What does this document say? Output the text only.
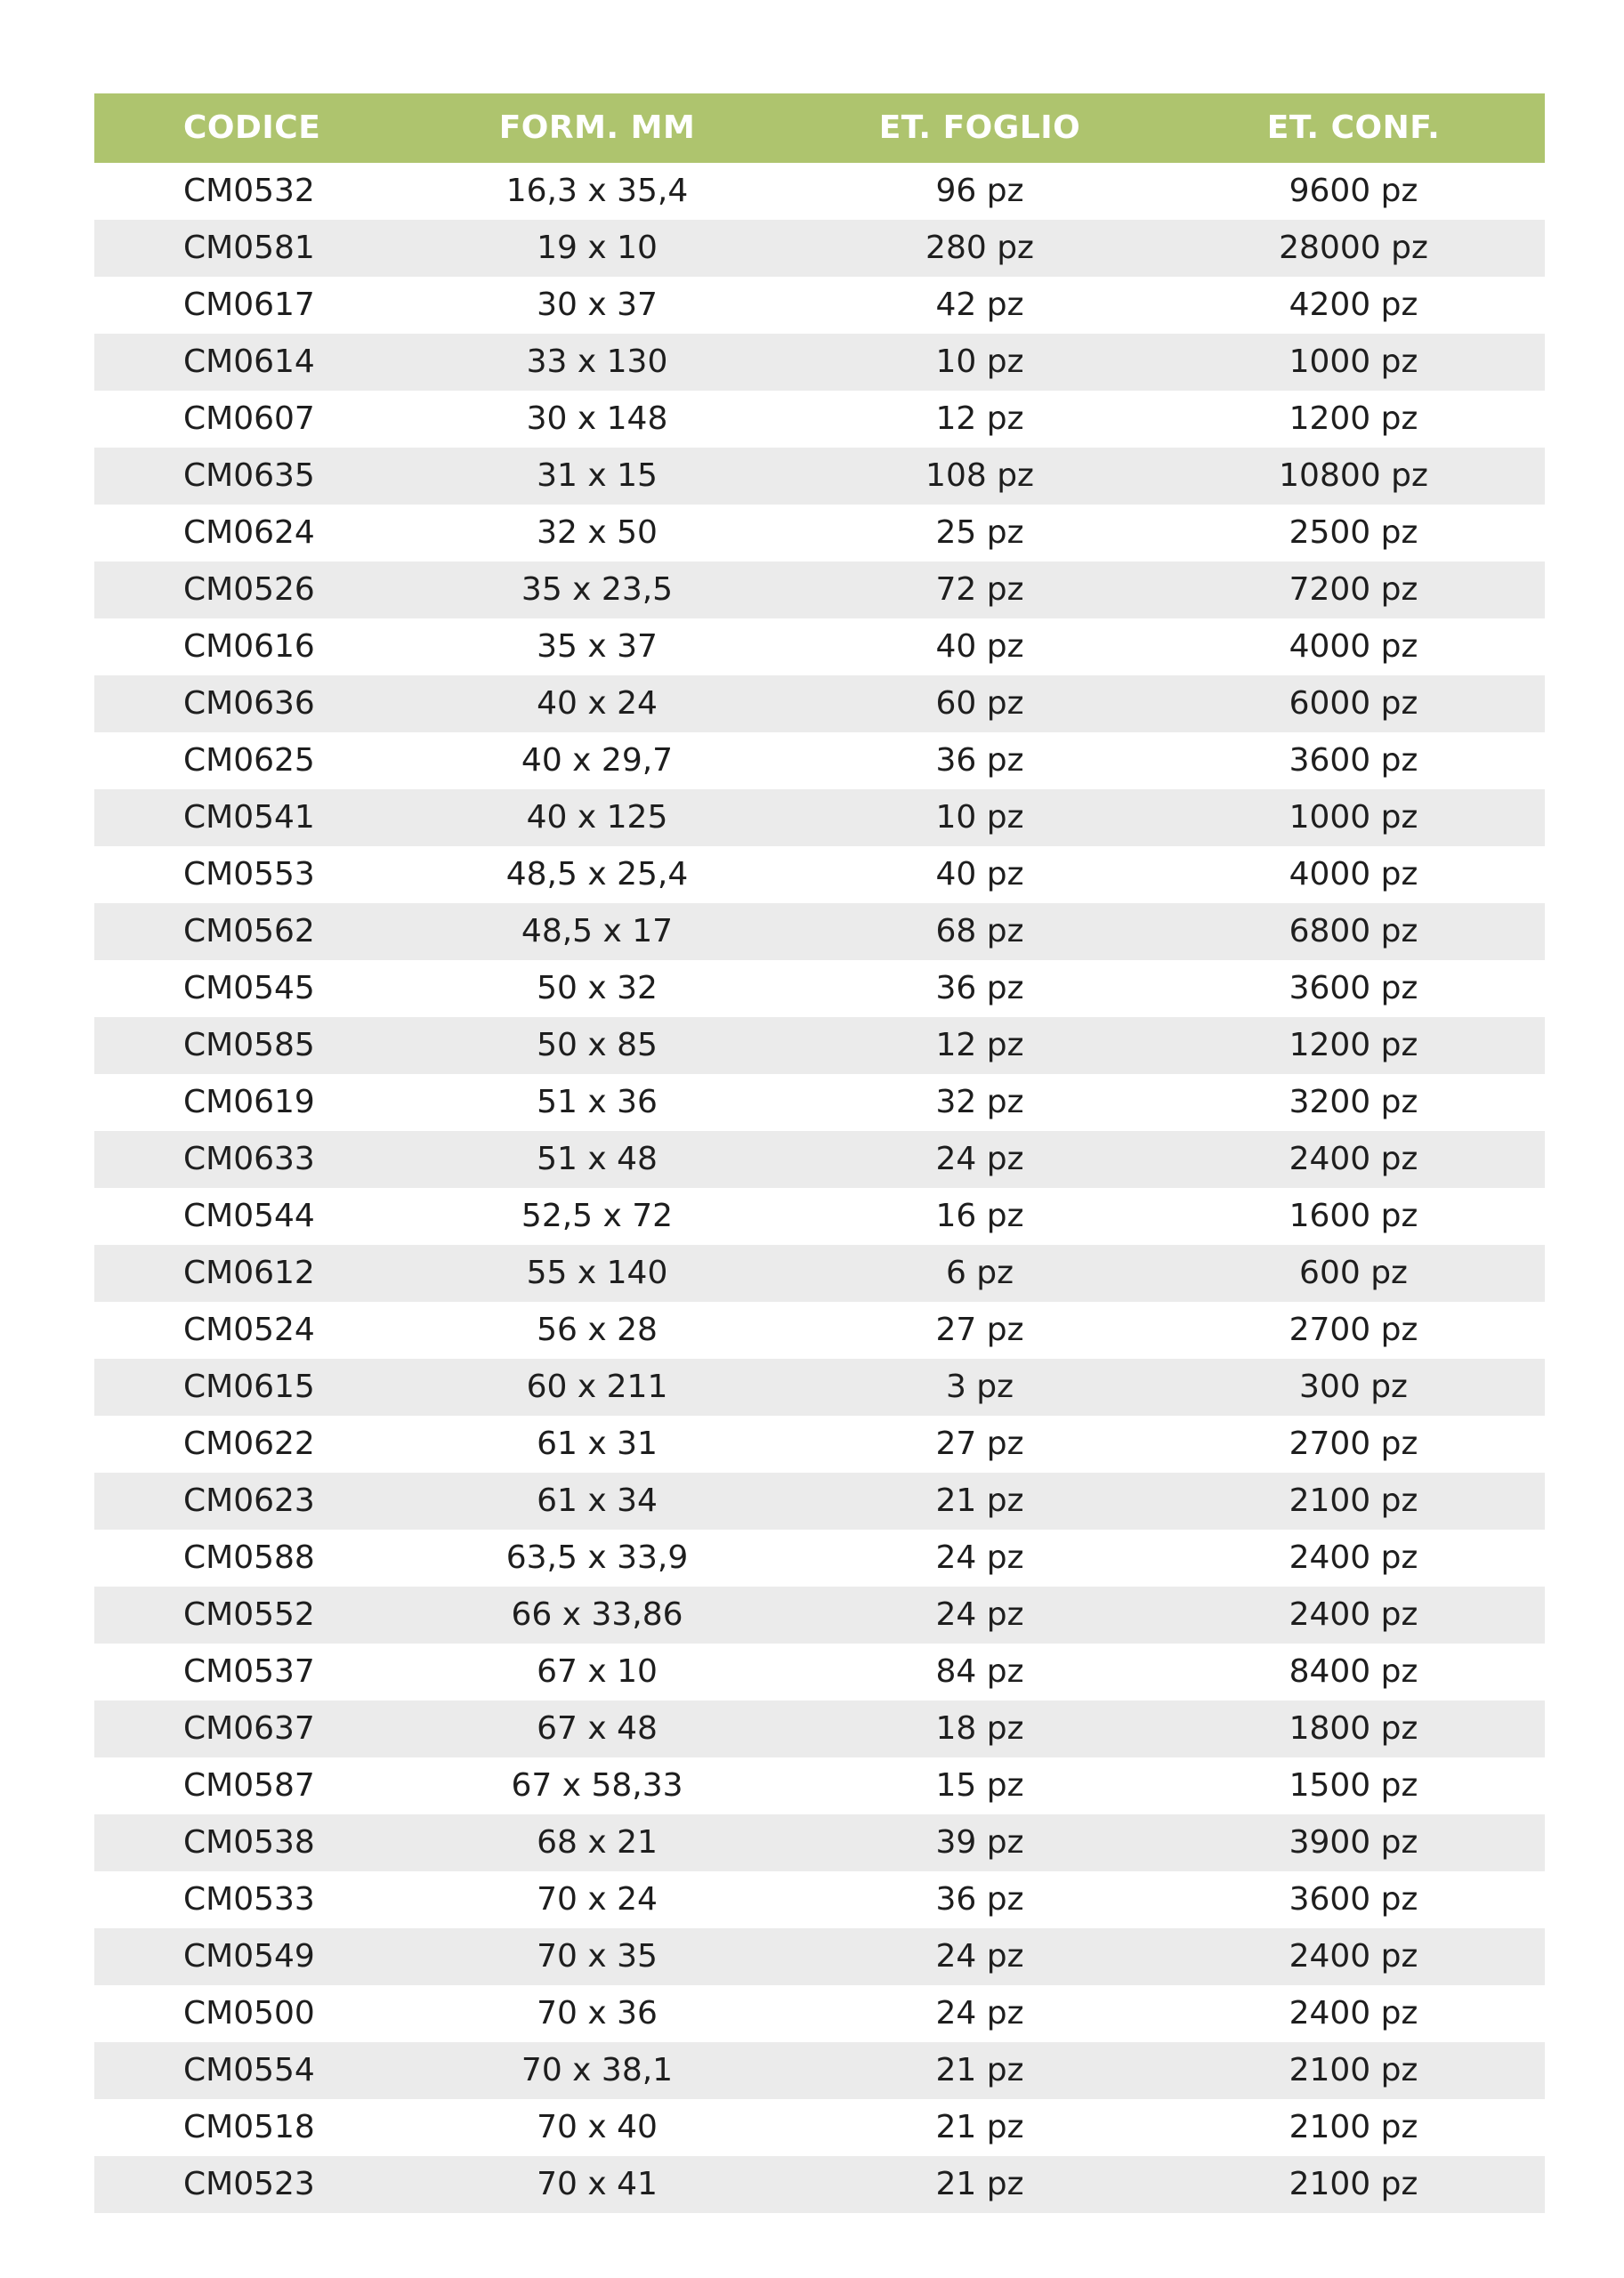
CODICE	FORM. MM	ET. FOGLIO	ET. CONF.
CM0532	16,3 x 35,4	96 pz	9600 pz
CM0581	19 x 10	280 pz	28000 pz
CM0617	30 x 37	42 pz	4200 pz
CM0614	33 x 130	10 pz	1000 pz
CM0607	30 x 148	12 pz	1200 pz
CM0635	31 x 15	108 pz	10800 pz
CM0624	32 x 50	25 pz	2500 pz
CM0526	35 x 23,5	72 pz	7200 pz
CM0616	35 x 37	40 pz	4000 pz
CM0636	40 x 24	60 pz	6000 pz
CM0625	40 x 29,7	36 pz	3600 pz
CM0541	40 x 125	10 pz	1000 pz
CM0553	48,5 x 25,4	40 pz	4000 pz
CM0562	48,5 x 17	68 pz	6800 pz
CM0545	50 x 32	36 pz	3600 pz
CM0585	50 x 85	12 pz	1200 pz
CM0619	51 x 36	32 pz	3200 pz
CM0633	51 x 48	24 pz	2400 pz
CM0544	52,5 x 72	16 pz	1600 pz
CM0612	55 x 140	6 pz	600 pz
CM0524	56 x 28	27 pz	2700 pz
CM0615	60 x 211	3 pz	300 pz
CM0622	61 x 31	27 pz	2700 pz
CM0623	61 x 34	21 pz	2100 pz
CM0588	63,5 x 33,9	24 pz	2400 pz
CM0552	66 x 33,86	24 pz	2400 pz
CM0537	67 x 10	84 pz	8400 pz
CM0637	67 x 48	18 pz	1800 pz
CM0587	67 x 58,33	15 pz	1500 pz
CM0538	68 x 21	39 pz	3900 pz
CM0533	70 x 24	36 pz	3600 pz
CM0549	70 x 35	24 pz	2400 pz
CM0500	70 x 36	24 pz	2400 pz
CM0554	70 x 38,1	21 pz	2100 pz
CM0518	70 x 40	21 pz	2100 pz
CM0523	70 x 41	21 pz	2100 pz
